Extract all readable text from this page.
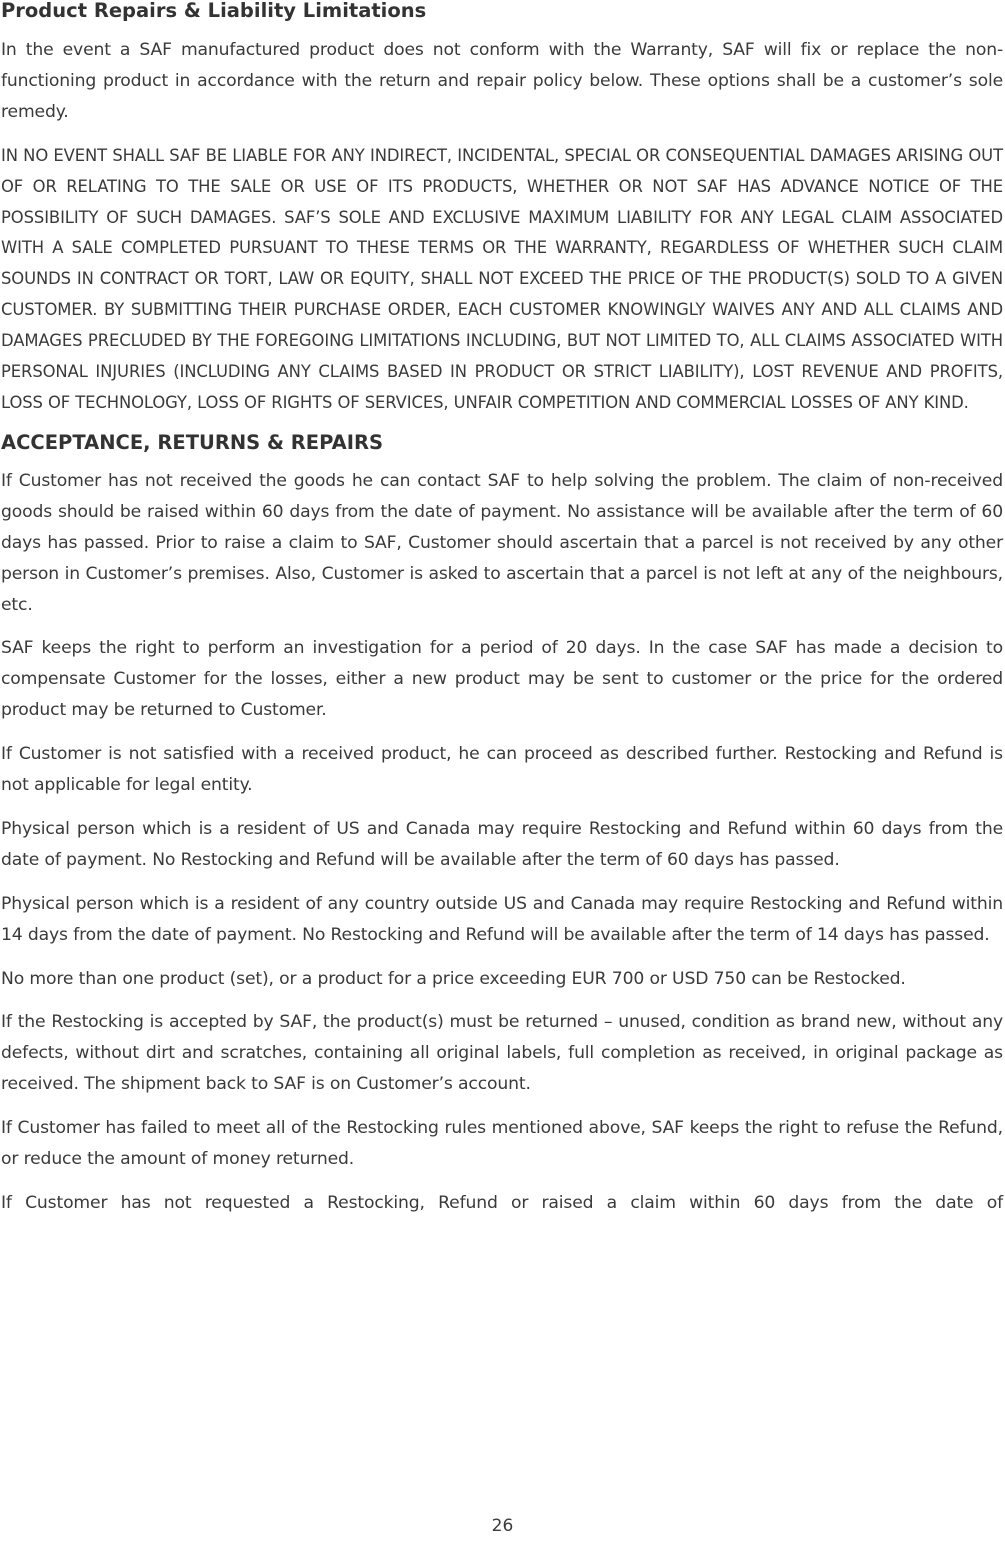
Product Repairs & Liability Limitations

In the event a SAF manufactured product does not conform with the Warranty, SAF will fix or replace the non-functioning product in accordance with the return and repair policy below. These options shall be a customer’s sole remedy.

IN NO EVENT SHALL SAF BE LIABLE FOR ANY INDIRECT, INCIDENTAL, SPECIAL OR CONSEQUENTIAL DAMAGES ARISING OUT OF OR RELATING TO THE SALE OR USE OF ITS PRODUCTS, WHETHER OR NOT SAF HAS ADVANCE NOTICE OF THE POSSIBILITY OF SUCH DAMAGES. SAF’S SOLE AND EXCLUSIVE MAXIMUM LIABILITY FOR ANY LEGAL CLAIM ASSOCIATED WITH A SALE COMPLETED PURSUANT TO THESE TERMS OR THE WARRANTY, REGARDLESS OF WHETHER SUCH CLAIM SOUNDS IN CONTRACT OR TORT, LAW OR EQUITY, SHALL NOT EXCEED THE PRICE OF THE PRODUCT(S) SOLD TO A GIVEN CUSTOMER. BY SUBMITTING THEIR PURCHASE ORDER, EACH CUSTOMER KNOWINGLY WAIVES ANY AND ALL CLAIMS AND DAMAGES PRECLUDED BY THE FOREGOING LIMITATIONS INCLUDING, BUT NOT LIMITED TO, ALL CLAIMS ASSOCIATED WITH PERSONAL INJURIES (INCLUDING ANY CLAIMS BASED IN PRODUCT OR STRICT LIABILITY), LOST REVENUE AND PROFITS, LOSS OF TECHNOLOGY, LOSS OF RIGHTS OF SERVICES, UNFAIR COMPETITION AND COMMERCIAL LOSSES OF ANY KIND.

ACCEPTANCE, RETURNS & REPAIRS

If Customer has not received the goods he can contact SAF to help solving the problem. The claim of non-received goods should be raised within 60 days from the date of payment. No assistance will be available after the term of 60 days has passed. Prior to raise a claim to SAF, Customer should ascertain that a parcel is not received by any other person in Customer’s premises. Also, Customer is asked to ascertain that a parcel is not left at any of the neighbours, etc.

SAF keeps the right to perform an investigation for a period of 20 days. In the case SAF has made a decision to compensate Customer for the losses, either a new product may be sent to customer or the price for the ordered product may be returned to Customer.

If Customer is not satisfied with a received product, he can proceed as described further. Restocking and Refund is not applicable for legal entity.

Physical person which is a resident of US and Canada may require Restocking and Refund within 60 days from the date of payment. No Restocking and Refund will be available after the term of 60 days has passed.

Physical person which is a resident of any country outside US and Canada may require Restocking and Refund within 14 days from the date of payment. No Restocking and Refund will be available after the term of 14 days has passed.

No more than one product (set), or a product for a price exceeding EUR 700 or USD 750 can be Restocked.

If the Restocking is accepted by SAF, the product(s) must be returned – unused, condition as brand new, without any defects, without dirt and scratches, containing all original labels, full completion as received, in original package as received. The shipment back to SAF is on Customer’s account.

If Customer has failed to meet all of the Restocking rules mentioned above, SAF keeps the right to refuse the Refund, or reduce the amount of money returned.

If Customer has not requested a Restocking, Refund or raised a claim within 60 days from the date of

26
